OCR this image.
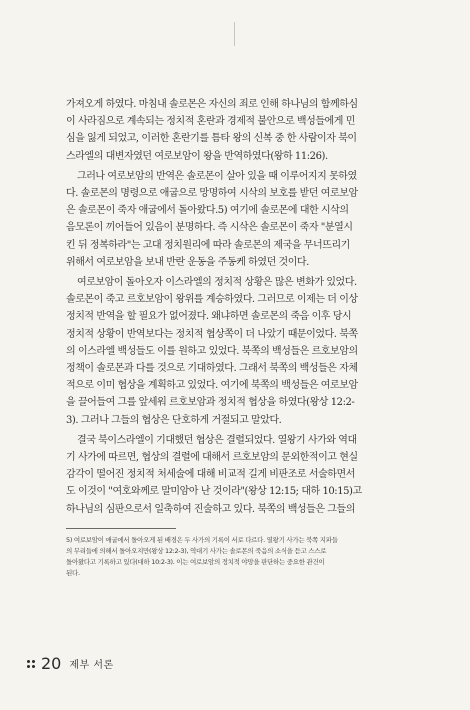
가져오게 하였다. 마침내 솔로몬은 자신의 죄로 인해 하나님의 함께하심

이 사라짐으로 계속되는 정치적 혼란과 경제적 불안으로 백성들에게 민

심을 잃게 되었고, 이러한 혼란기를 틈타 왕의 신복 중 한 사람이자 북이

스라엘의 대변자였던 여로보암이 왕을 반역하였다(왕하 11:26).

그러나 여로보암의 반역은 솔로몬이 살아 있을 때 이루어지지 못하였

다. 솔로몬의 명령으로 애굽으로 망명하여 시삭의 보호를 받던 여로보암

은 솔로몬이 죽자 애굽에서 돌아왔다.5) 여기에 솔로몬에 대한 시삭의

음모론이 끼어들어 있음이 분명하다. 즉 시삭은 솔로몬이 죽자 "분열시

킨 뒤 정복하라"는 고대 정치원리에 따라 솔로몬의 제국을 무너뜨리기

위해서 여로보암을 보내 반란 운동을 주동케 하였던 것이다.

여로보암이 돌아오자 이스라엘의 정치적 상황은 많은 변화가 있었다.

솔로몬이 죽고 르호보암이 왕위를 계승하였다. 그러므로 이제는 더 이상

정치적 반역을 할 필요가 없어졌다. 왜냐하면 솔로몬의 죽음 이후 당시

정치적 상황이 반역보다는 정치적 협상쪽이 더 나았기 때문이었다. 북쪽

의 이스라엘 백성들도 이를 원하고 있었다. 북쪽의 백성들은 르호보암의

정책이 솔로몬과 다를 것으로 기대하였다. 그래서 북쪽의 백성들은 자체

적으로 이미 협상을 계획하고 있었다. 여기에 북쪽의 백성들은 여로보암

을 끌어들여 그를 앞세워 르호보암과 정치적 협상을 하였다(왕상 12:2-

3). 그러나 그들의 협상은 단호하게 거절되고 말았다.

결국 북이스라엘이 기대했던 협상은 결렬되었다. 열왕기 사가와 역대

기 사가에 따르면, 협상의 결렬에 대해서 르호보암의 문외한적이고 현실

감각이 떨어진 정치적 처세술에 대해 비교적 길게 비판조로 서술하면서

도 이것이 "여호와께로 말미암아 난 것이라"(왕상 12:15; 대하 10:15)고

하나님의 심판으로서 일축하여 진술하고 있다. 북쪽의 백성들은 그들의

5) 여로보암이 애굽에서 돌아오게 된 배경은 두 사가의 기록이 서로 다르다. 열왕기 사가는 북쪽 지파들
의 무리들에 의해서 돌아오지만(왕상 12:2-3), 역대기 사가는 솔로몬의 죽음의 소식을 듣고 스스로
돌아왔다고 기록하고 있다(대하 10:2-3). 이는 여로보암의 정치적 야망을 판단하는 중요한 관건이
된다.
20 제부 서론
